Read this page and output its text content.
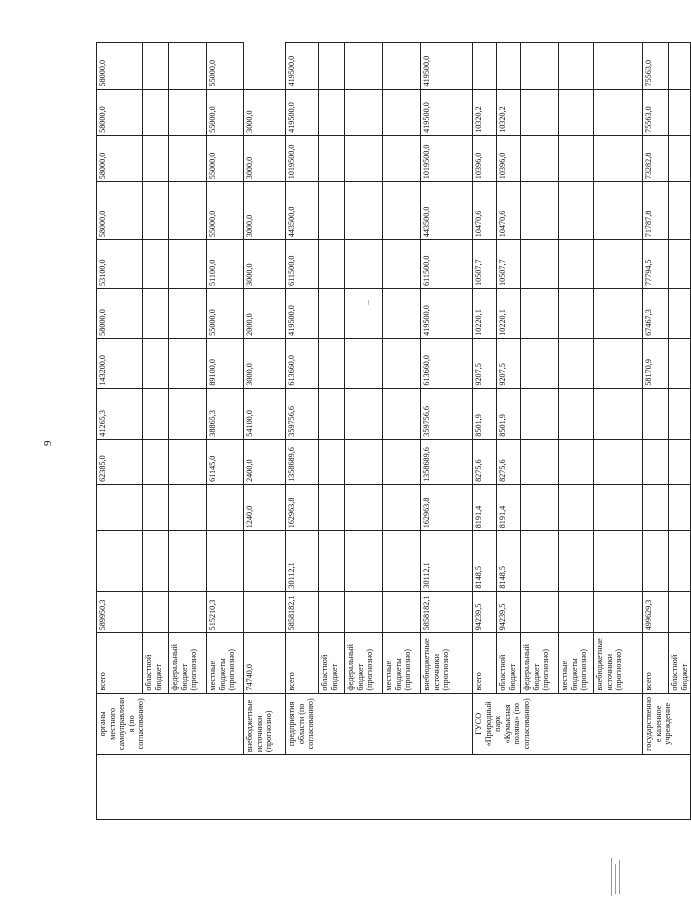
9
	органы местного самоуправления (по согласованию)	всего	589950,3			62385,0	41265,3	143200,0	58000,0	53100,0	58000,0	58000,0	58000,0	58000,0
		областной бюджет												
		федеральный бюджет (прогнозно)												
		местные бюджеты (прогнозно)	515210,3			61145,0	38865,3	89100,0	55000,0	51100,0	55000,0	55000,0	55000,0	55000,0
	внебюджетные источники (прогнозно)	74740,0			1240,0	2400,0	54100,0	3000,0	2000,0	3000,0	3000,0	3000,0	3000,0	
	предприятия области (по согласованию)	всего	5858182,1	30112,1	162963,8	1358689,6	359756,6	613660,0	419500,0	611500,0	443500,0	1019500,0	419500,0	419500,0
		областной бюджет												
		федеральный бюджет (прогнозно)												
		местные бюджеты (прогнозно)												
		внебюджетные источники (прогнозно)	5858182,1	30112,1	162963,8	1358689,6	359756,6	613660,0	419500,0	611500,0	443500,0	1019500,0	419500,0	419500,0
	ГУСО «Природный парк «Кумысная поляна» (по согласованию)	всего	94239,5	8148,5	8191,4	8275,6	8501,9	9207,5	10220,1	10507,7	10470,6	10396,0	10320,2	
		областной бюджет	94239,5	8148,5	8191,4	8275,6	8501,9	9207,5	10220,1	10507,7	10470,6	10396,0	10320,2	
		федеральный бюджет (прогнозно)												
		местные бюджеты (прогнозно)												
		внебюджетные источники (прогнозно)												
	государственное казенное учреждение	всего	499629,3					58170,9	67467,3	77794,5	71787,8	73282,8	75563,0	75563,0
		областной бюджет												
